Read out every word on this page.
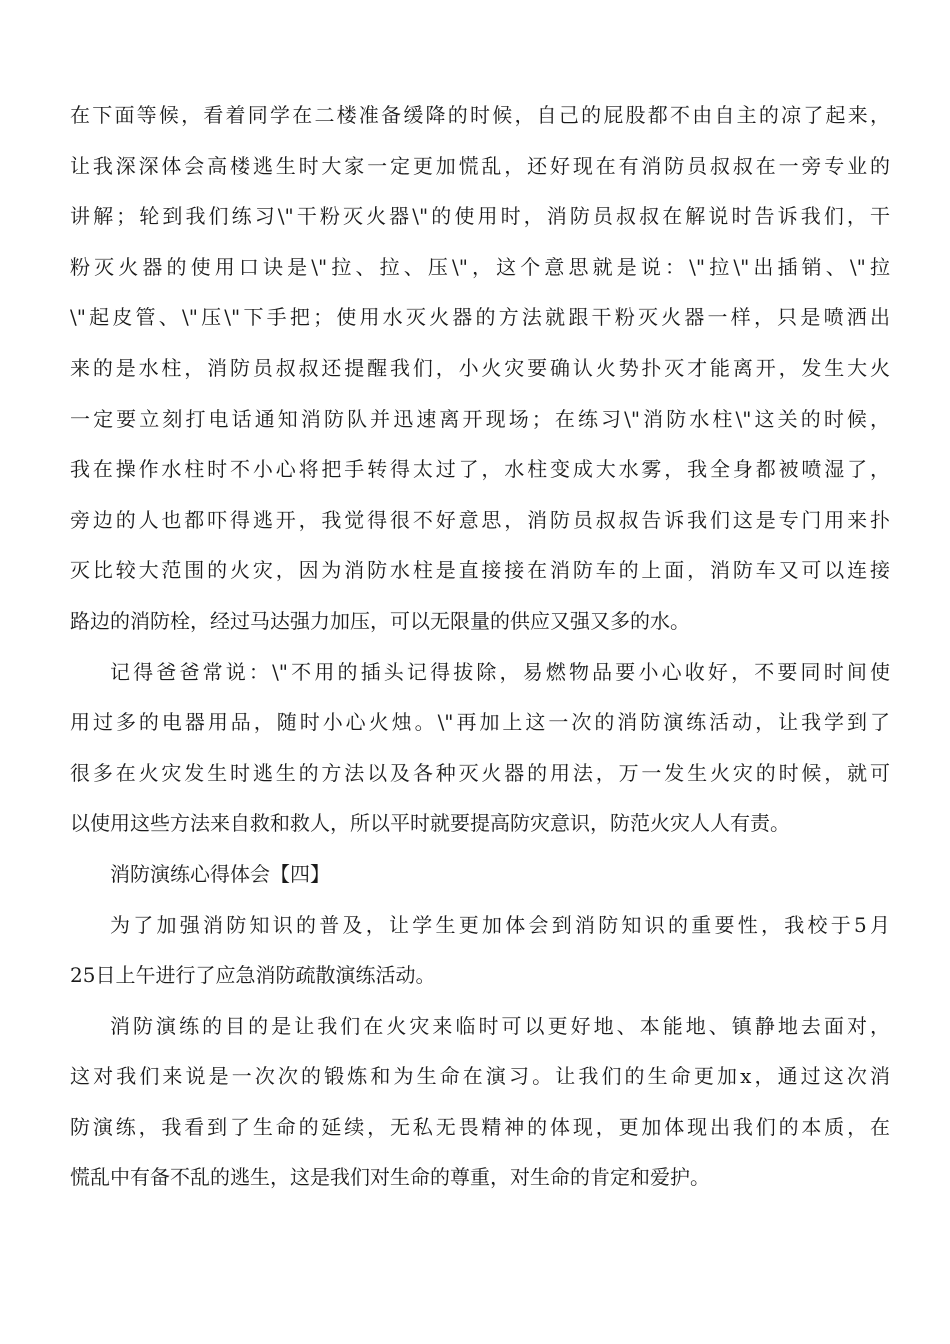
在下面等候，看着同学在二楼准备缓降的时候，自己的屁股都不由自主的凉了起来，
让我深深体会高楼逃生时大家一定更加慌乱，还好现在有消防员叔叔在一旁专业的
讲解；轮到我们练习\"干粉灭火器\"的使用时，消防员叔叔在解说时告诉我们，干
粉灭火器的使用口诀是\"拉、拉、压\"，这个意思就是说：\"拉\"出插销、\"拉
\"起皮管、\"压\"下手把；使用水灭火器的方法就跟干粉灭火器一样，只是喷洒出
来的是水柱，消防员叔叔还提醒我们，小火灾要确认火势扑灭才能离开，发生大火
一定要立刻打电话通知消防队并迅速离开现场；在练习\"消防水柱\"这关的时候，
我在操作水柱时不小心将把手转得太过了，水柱变成大水雾，我全身都被喷湿了，
旁边的人也都吓得逃开，我觉得很不好意思，消防员叔叔告诉我们这是专门用来扑
灭比较大范围的火灾，因为消防水柱是直接接在消防车的上面，消防车又可以连接
路边的消防栓，经过马达强力加压，可以无限量的供应又强又多的水。
记得爸爸常说：\"不用的插头记得拔除，易燃物品要小心收好，不要同时间使
用过多的电器用品，随时小心火烛。\"再加上这一次的消防演练活动，让我学到了
很多在火灾发生时逃生的方法以及各种灭火器的用法，万一发生火灾的时候，就可
以使用这些方法来自救和救人，所以平时就要提高防灾意识，防范火灾人人有责。
消防演练心得体会【四】
为了加强消防知识的普及，让学生更加体会到消防知识的重要性，我校于5月
25日上午进行了应急消防疏散演练活动。
消防演练的目的是让我们在火灾来临时可以更好地、本能地、镇静地去面对，
这对我们来说是一次次的锻炼和为生命在演习。让我们的生命更加x，通过这次消
防演练，我看到了生命的延续，无私无畏精神的体现，更加体现出我们的本质，在
慌乱中有备不乱的逃生，这是我们对生命的尊重，对生命的肯定和爱护。
